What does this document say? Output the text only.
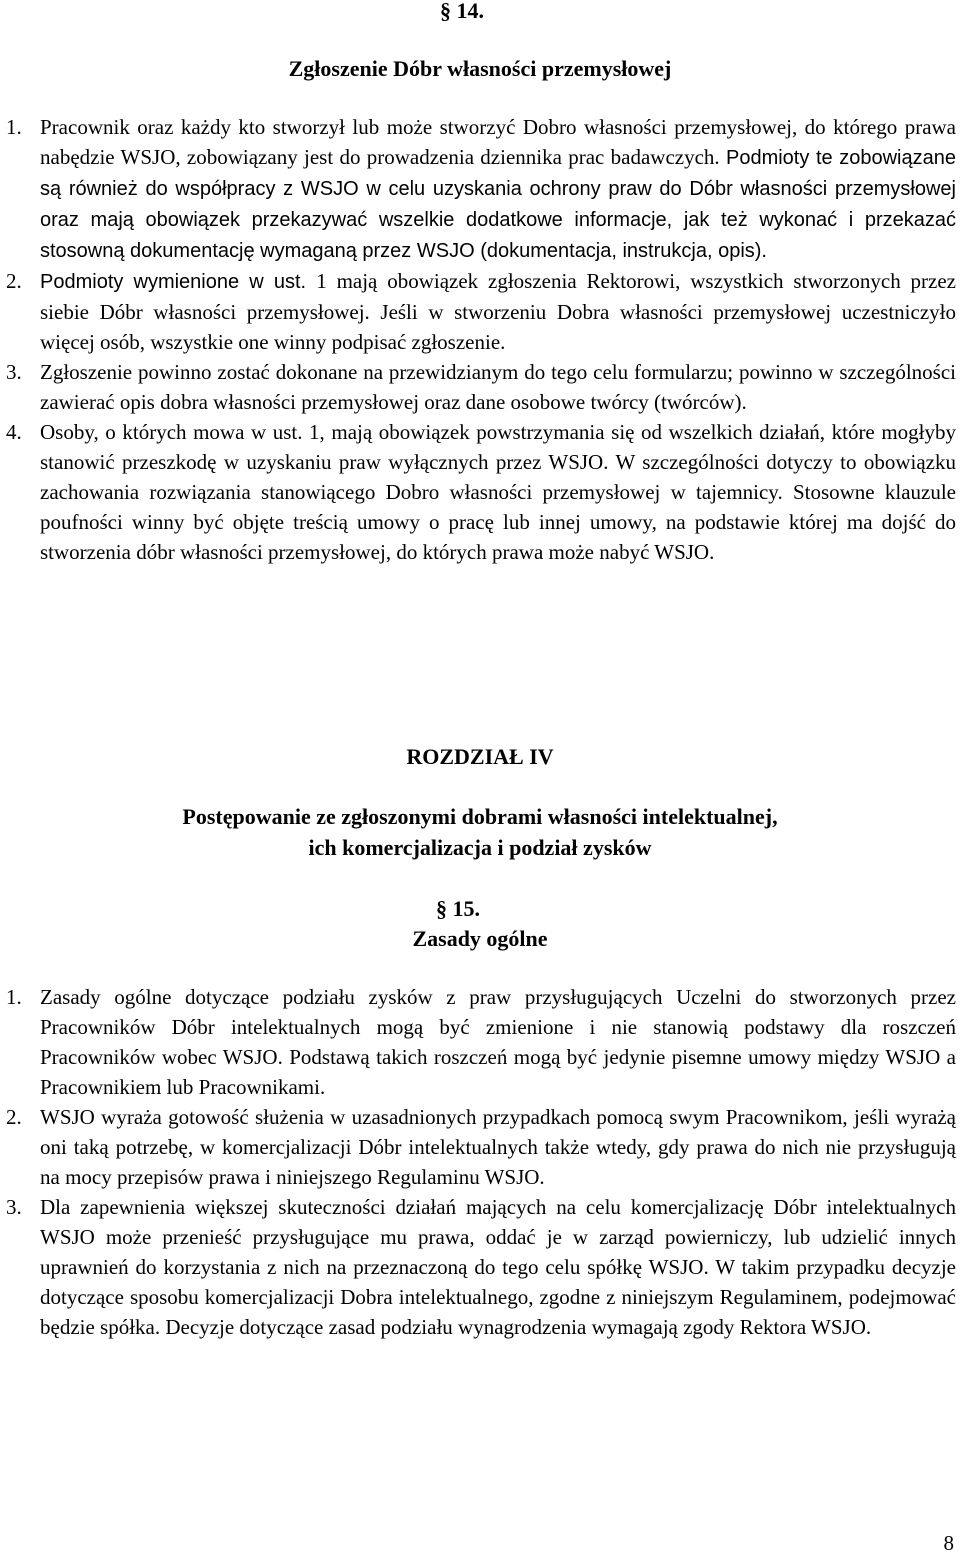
§ 14.
Zgłoszenie Dóbr własności przemysłowej
1. Pracownik oraz każdy kto stworzył lub może stworzyć Dobro własności przemysłowej, do którego prawa nabędzie WSJO, zobowiązany jest do prowadzenia dziennika prac badawczych. Podmioty te zobowiązane są również do współpracy z WSJO w celu uzyskania ochrony praw do Dóbr własności przemysłowej oraz mają obowiązek przekazywać wszelkie dodatkowe informacje, jak też wykonać i przekazać stosowną dokumentację wymaganą przez WSJO (dokumentacja, instrukcja, opis).
2. Podmioty wymienione w ust. 1 mają obowiązek zgłoszenia Rektorowi, wszystkich stworzonych przez siebie Dóbr własności przemysłowej. Jeśli w stworzeniu Dobra własności przemysłowej uczestniczyło więcej osób, wszystkie one winny podpisać zgłoszenie.
3. Zgłoszenie powinno zostać dokonane na przewidzianym do tego celu formularzu; powinno w szczególności zawierać opis dobra własności przemysłowej oraz dane osobowe twórcy (twórców).
4. Osoby, o których mowa w ust. 1, mają obowiązek powstrzymania się od wszelkich działań, które mogłyby stanowić przeszkodę w uzyskaniu praw wyłącznych przez WSJO. W szczególności dotyczy to obowiązku zachowania rozwiązania stanowiącego Dobro własności przemysłowej w tajemnicy. Stosowne klauzule poufności winny być objęte treścią umowy o pracę lub innej umowy, na podstawie której ma dojść do stworzenia dóbr własności przemysłowej, do których prawa może nabyć WSJO.
ROZDZIAŁ IV
Postępowanie ze zgłoszonymi dobrami własności intelektualnej,
ich komercjalizacja i podział zysków
§ 15.
Zasady ogólne
1. Zasady ogólne dotyczące podziału zysków z praw przysługujących Uczelni do stworzonych przez Pracowników Dóbr intelektualnych mogą być zmienione i nie stanowią podstawy dla roszczeń Pracowników wobec WSJO. Podstawą takich roszczeń mogą być jedynie pisemne umowy między WSJO a Pracownikiem lub Pracownikami.
2. WSJO wyraża gotowość służenia w uzasadnionych przypadkach pomocą swym Pracownikom, jeśli wyrażą oni taką potrzebę, w komercjalizacji Dóbr intelektualnych także wtedy, gdy prawa do nich nie przysługują na mocy przepisów prawa i niniejszego Regulaminu WSJO.
3. Dla zapewnienia większej skuteczności działań mających na celu komercjalizację Dóbr intelektualnych WSJO może przenieść przysługujące mu prawa, oddać je w zarząd powierniczy, lub udzielić innych uprawnień do korzystania z nich na przeznaczoną do tego celu spółkę WSJO. W takim przypadku decyzje dotyczące sposobu komercjalizacji Dobra intelektualnego, zgodne z niniejszym Regulaminem, podejmować będzie spółka. Decyzje dotyczące zasad podziału wynagrodzenia wymagają zgody Rektora WSJO.
8
